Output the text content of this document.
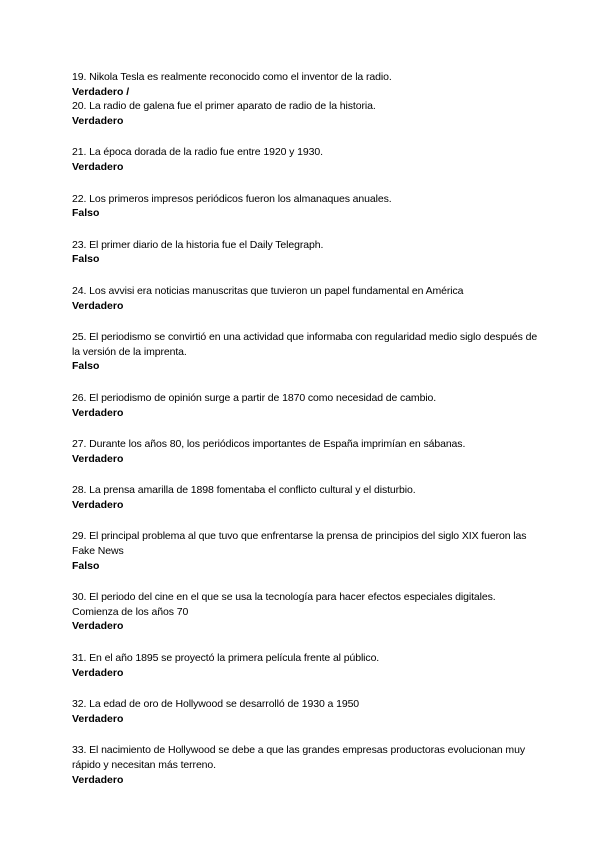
19. Nikola Tesla es realmente reconocido como el inventor de la radio.
Verdadero /
20. La radio de galena fue el primer aparato de radio de la historia.
Verdadero
21. La época dorada de la radio fue entre 1920 y 1930.
Verdadero
22. Los primeros impresos periódicos fueron los almanaques anuales.
Falso
23. El primer diario de la historia fue el Daily Telegraph.
Falso
24. Los avvisi era noticias manuscritas que tuvieron un papel fundamental en América
Verdadero
25. El periodismo se convirtió en una actividad que informaba con regularidad medio siglo después de la versión de la imprenta.
Falso
26. El periodismo de opinión surge a partir de 1870 como necesidad de cambio.
Verdadero
27. Durante los años 80, los periódicos importantes de España imprimían en sábanas.
Verdadero
28. La prensa amarilla de 1898 fomentaba el conflicto cultural y el disturbio.
Verdadero
29. El principal problema al que tuvo que enfrentarse la prensa de principios del siglo XIX fueron las Fake News
Falso
30. El periodo del cine en el que se usa la tecnología para hacer efectos especiales digitales. Comienza de los años 70
Verdadero
31. En el año 1895 se proyectó la primera película frente al público.
Verdadero
32. La edad de oro de Hollywood se desarrolló de 1930 a 1950
Verdadero
33. El nacimiento de Hollywood se debe a que las grandes empresas productoras evolucionan muy rápido y necesitan más terreno.
Verdadero
